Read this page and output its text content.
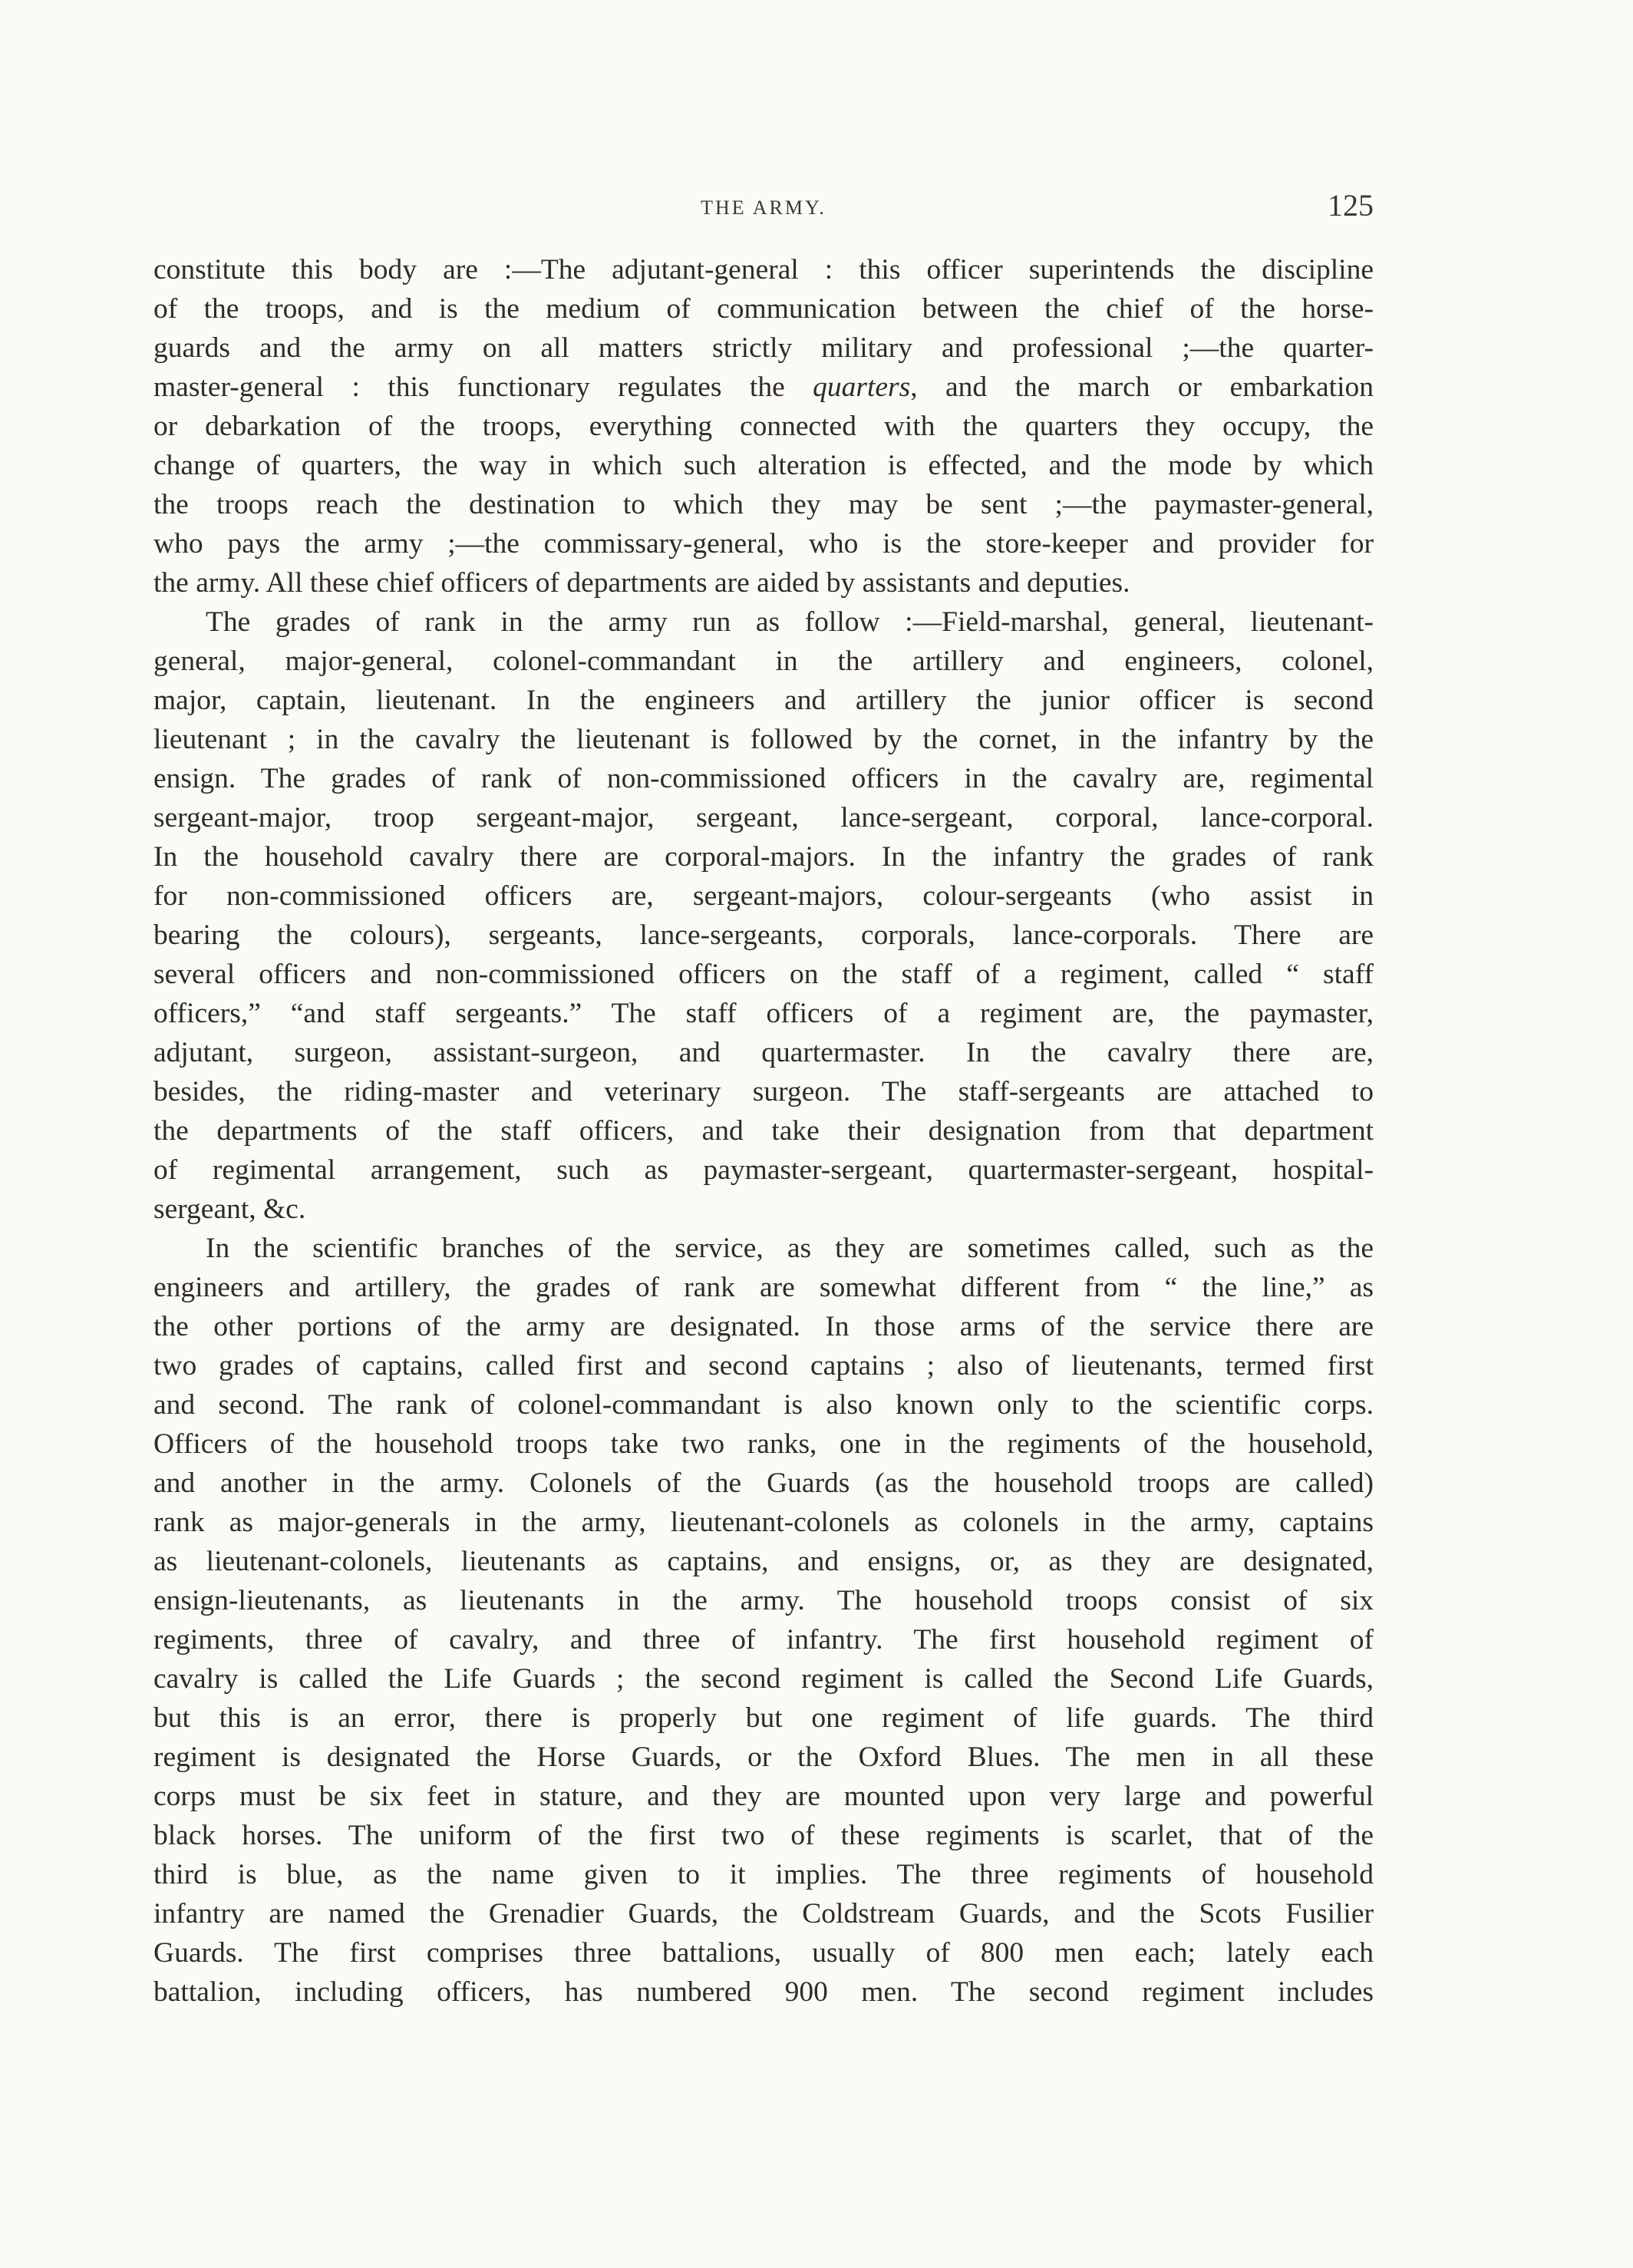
THE ARMY.	125
constitute this body are :—The adjutant-general : this officer superintends the discipline
of the troops, and is the medium of communication between the chief of the horse-
guards and the army on all matters strictly military and professional ;—the quarter-
master-general : this functionary regulates the quarters, and the march or embarkation
or debarkation of the troops, everything connected with the quarters they occupy, the
change of quarters, the way in which such alteration is effected, and the mode by which
the troops reach the destination to which they may be sent ;—the paymaster-general,
who pays the army ;—the commissary-general, who is the store-keeper and provider for
the army. All these chief officers of departments are aided by assistants and deputies.
The grades of rank in the army run as follow :—Field-marshal, general, lieutenant-
general, major-general, colonel-commandant in the artillery and engineers, colonel,
major, captain, lieutenant. In the engineers and artillery the junior officer is second
lieutenant ; in the cavalry the lieutenant is followed by the cornet, in the infantry by the
ensign. The grades of rank of non-commissioned officers in the cavalry are, regimental
sergeant-major, troop sergeant-major, sergeant, lance-sergeant, corporal, lance-corporal.
In the household cavalry there are corporal-majors. In the infantry the grades of rank
for non-commissioned officers are, sergeant-majors, colour-sergeants (who assist in
bearing the colours), sergeants, lance-sergeants, corporals, lance-corporals. There are
several officers and non-commissioned officers on the staff of a regiment, called “ staff
officers,” “and staff sergeants.” The staff officers of a regiment are, the paymaster,
adjutant, surgeon, assistant-surgeon, and quartermaster. In the cavalry there are,
besides, the riding-master and veterinary surgeon. The staff-sergeants are attached to
the departments of the staff officers, and take their designation from that department
of regimental arrangement, such as paymaster-sergeant, quartermaster-sergeant, hospital-
sergeant, &c.
In the scientific branches of the service, as they are sometimes called, such as the
engineers and artillery, the grades of rank are somewhat different from “ the line,” as
the other portions of the army are designated. In those arms of the service there are
two grades of captains, called first and second captains ; also of lieutenants, termed first
and second. The rank of colonel-commandant is also known only to the scientific corps.
Officers of the household troops take two ranks, one in the regiments of the household,
and another in the army. Colonels of the Guards (as the household troops are called)
rank as major-generals in the army, lieutenant-colonels as colonels in the army, captains
as lieutenant-colonels, lieutenants as captains, and ensigns, or, as they are designated,
ensign-lieutenants, as lieutenants in the army. The household troops consist of six
regiments, three of cavalry, and three of infantry. The first household regiment of
cavalry is called the Life Guards ; the second regiment is called the Second Life Guards,
but this is an error, there is properly but one regiment of life guards. The third
regiment is designated the Horse Guards, or the Oxford Blues. The men in all these
corps must be six feet in stature, and they are mounted upon very large and powerful
black horses. The uniform of the first two of these regiments is scarlet, that of the
third is blue, as the name given to it implies. The three regiments of household
infantry are named the Grenadier Guards, the Coldstream Guards, and the Scots Fusilier
Guards. The first comprises three battalions, usually of 800 men each; lately each
battalion, including officers, has numbered 900 men. The second regiment includes
